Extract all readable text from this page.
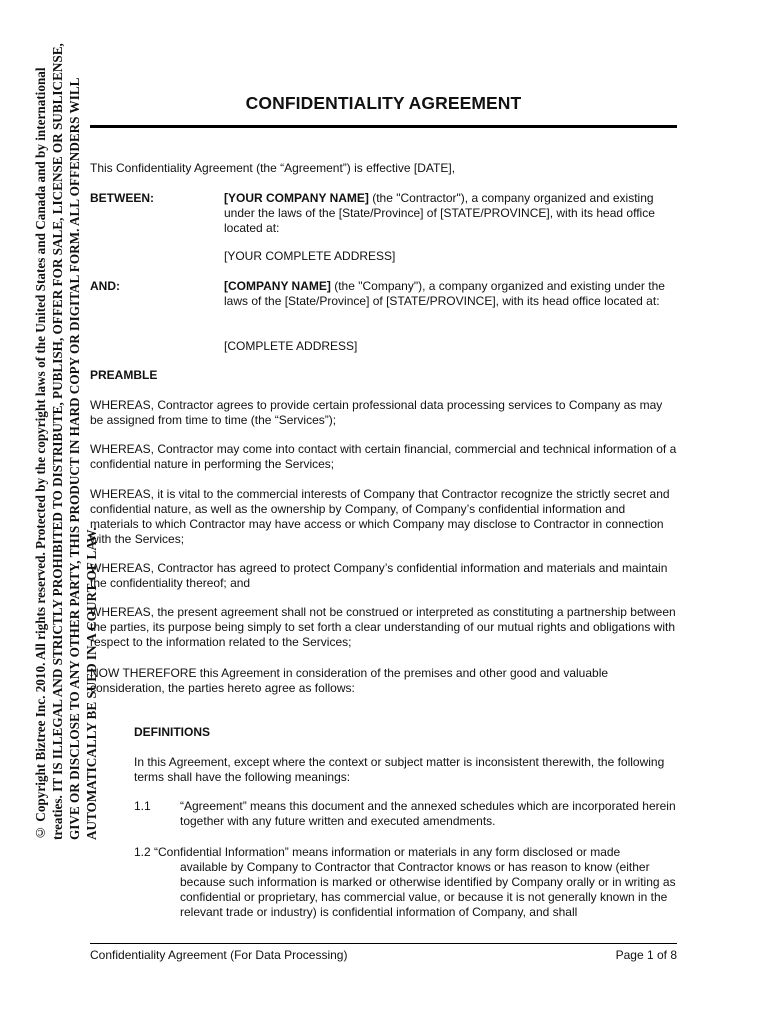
© Copyright Biztree Inc. 2010. All rights reserved. Protected by the copyright laws of the United States and Canada and by international treaties. IT IS ILLEGAL AND STRICTLY PROHIBITED TO DISTRIBUTE, PUBLISH, OFFER FOR SALE, LICENSE OR SUBLICENSE, GIVE OR DISCLOSE TO ANY OTHER PARTY, THIS PRODUCT IN HARD COPY OR DIGITAL FORM. ALL OFFENDERS WILL AUTOMATICALLY BE SUED IN A COURT OF LAW.
CONFIDENTIALITY AGREEMENT
This Confidentiality Agreement (the “Agreement”) is effective [DATE],
BETWEEN:	[YOUR COMPANY NAME] (the "Contractor"), a company organized and existing under the laws of the [State/Province] of [STATE/PROVINCE], with its head office located at:
[YOUR COMPLETE ADDRESS]
AND:	[COMPANY NAME] (the "Company"), a company organized and existing under the laws of the [State/Province] of [STATE/PROVINCE], with its head office located at:
[COMPLETE ADDRESS]
PREAMBLE
WHEREAS, Contractor agrees to provide certain professional data processing services to Company as may be assigned from time to time (the “Services”);
WHEREAS, Contractor may come into contact with certain financial, commercial and technical information of a confidential nature in performing the Services;
WHEREAS, it is vital to the commercial interests of Company that Contractor recognize the strictly secret and confidential nature, as well as the ownership by Company, of Company’s confidential information and materials to which Contractor may have access or which Company may disclose to Contractor in connection with the Services;
WHEREAS, Contractor has agreed to protect Company’s confidential information and materials and maintain the confidentiality thereof; and
WHEREAS, the present agreement shall not be construed or interpreted as constituting a partnership between the parties, its purpose being simply to set forth a clear understanding of our mutual rights and obligations with respect to the information related to the Services;
NOW THEREFORE this Agreement in consideration of the premises and other good and valuable consideration, the parties hereto agree as follows:
DEFINITIONS
In this Agreement, except where the context or subject matter is inconsistent therewith, the following terms shall have the following meanings:
1.1 “Agreement” means this document and the annexed schedules which are incorporated herein together with any future written and executed amendments.
1.2 “Confidential Information” means information or materials in any form disclosed or made
available by Company to Contractor that Contractor knows or has reason to know (either because such information is marked or otherwise identified by Company orally or in writing as confidential or proprietary, has commercial value, or because it is not generally known in the relevant trade or industry) is confidential information of Company, and shall
Confidentiality Agreement (For Data Processing)	Page 1 of 8
